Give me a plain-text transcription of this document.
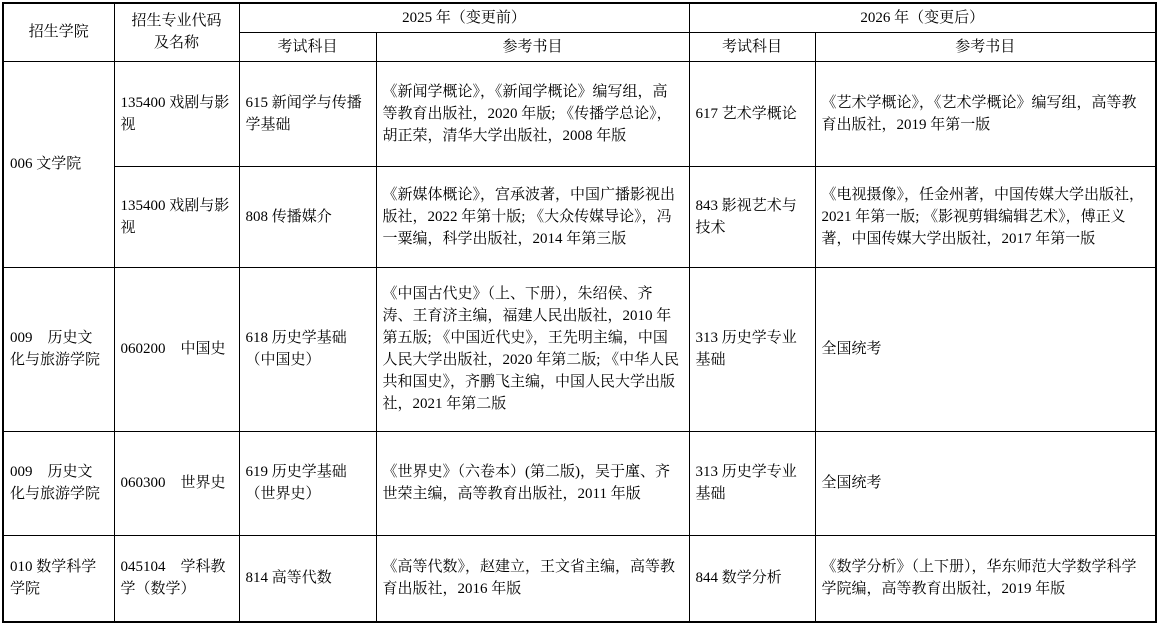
招生学院	招生专业代码及名称	2025 年（变更前）		2026 年（变更后）	
		考试科目	参考书目	考试科目	参考书目
006 文学院	135400 戏剧与影视	615 新闻学与传播学基础	《新闻学概论》，《新闻学概论》编写组，高等教育出版社，2020 年版; 《传播学总论》，胡正荣，清华大学出版社，2008 年版	617 艺术学概论	《艺术学概论》，《艺术学概论》编写组，高等教育出版社，2019 年第一版
	135400 戏剧与影视	808 传播媒介	《新媒体概论》，宫承波著，中国广播影视出版社，2022 年第十版; 《大众传媒导论》，冯一粟编，科学出版社，2014 年第三版	843 影视艺术与技术	《电视摄像》，任金州著，中国传媒大学出版社，2021 年第一版; 《影视剪辑编辑艺术》，傅正义著，中国传媒大学出版社，2017 年第一版
009　历史文化与旅游学院	060200　中国史	618 历史学基础（中国史）	《中国古代史》（上、下册），朱绍侯、齐涛、王育济主编，福建人民出版社，2010 年第五版; 《中国近代史》，王先明主编，中国人民大学出版社，2020 年第二版; 《中华人民共和国史》，齐鹏飞主编，中国人民大学出版社，2021 年第二版	313 历史学专业基础	全国统考
009　历史文化与旅游学院	060300　世界史	619 历史学基础（世界史）	《世界史》（六卷本）(第二版)，吴于廑、齐世荣主编，高等教育出版社，2011 年版	313 历史学专业基础	全国统考
010 数学科学学院	045104　学科教学（数学）	814 高等代数	《高等代数》，赵建立，王文省主编，高等教育出版社，2016 年版	844 数学分析	《数学分析》（上下册），华东师范大学数学科学学院编，高等教育出版社，2019 年版
